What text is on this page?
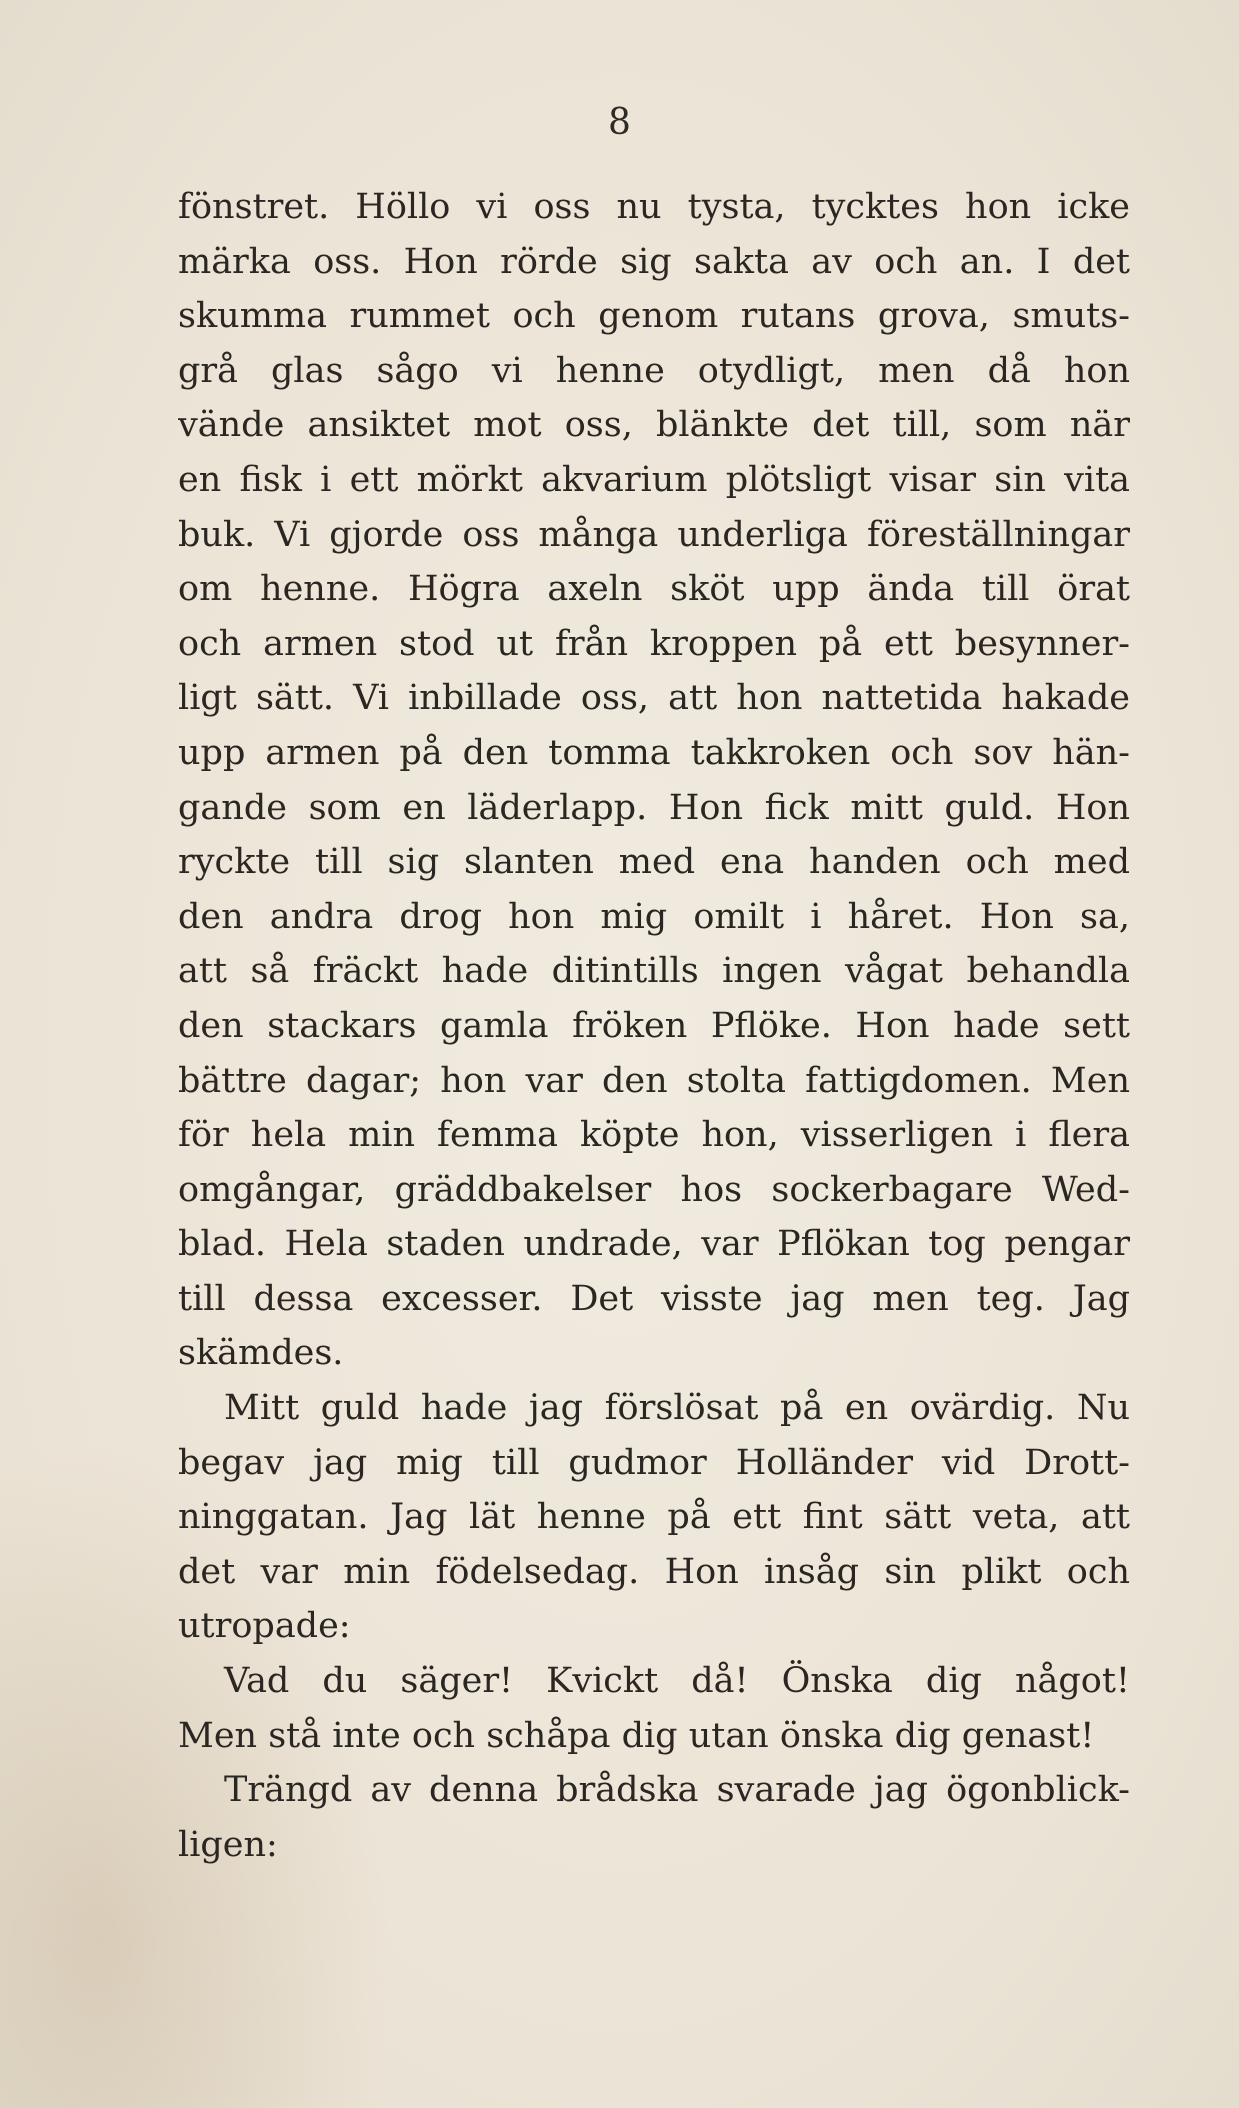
8
fönstret. Höllo vi oss nu tysta, tycktes hon icke
märka oss. Hon rörde sig sakta av och an. I det
skumma rummet och genom rutans grova, smuts-
grå glas sågo vi henne otydligt, men då hon
vände ansiktet mot oss, blänkte det till, som när
en fisk i ett mörkt akvarium plötsligt visar sin vita
buk. Vi gjorde oss många underliga föreställningar
om henne. Högra axeln sköt upp ända till örat
och armen stod ut från kroppen på ett besynner-
ligt sätt. Vi inbillade oss, att hon nattetida hakade
upp armen på den tomma takkroken och sov hän-
gande som en läderlapp. Hon fick mitt guld. Hon
ryckte till sig slanten med ena handen och med
den andra drog hon mig omilt i håret. Hon sa,
att så fräckt hade ditintills ingen vågat behandla
den stackars gamla fröken Pflöke. Hon hade sett
bättre dagar; hon var den stolta fattigdomen. Men
för hela min femma köpte hon, visserligen i flera
omgångar, gräddbakelser hos sockerbagare Wed-
blad. Hela staden undrade, var Pflökan tog pengar
till dessa excesser. Det visste jag men teg. Jag
skämdes.
Mitt guld hade jag förslösat på en ovärdig. Nu
begav jag mig till gudmor Holländer vid Drott-
ninggatan. Jag lät henne på ett fint sätt veta, att
det var min födelsedag. Hon insåg sin plikt och
utropade:
Vad du säger! Kvickt då! Önska dig något!
Men stå inte och schåpa dig utan önska dig genast!
Trängd av denna brådska svarade jag ögonblick-
ligen:
